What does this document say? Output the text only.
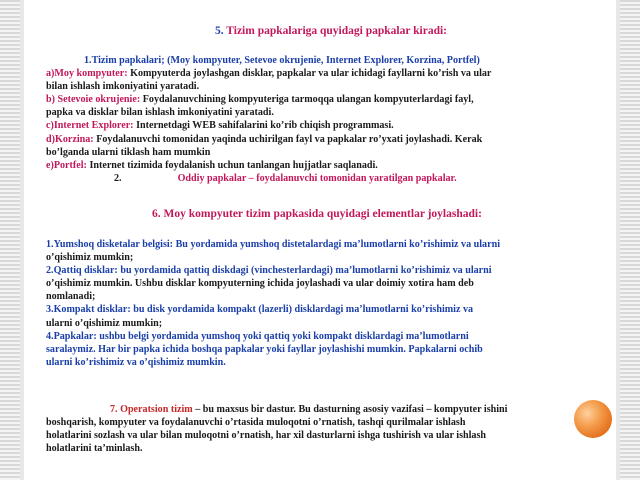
5. Tizim papkalariga quyidagi papkalar kiradi:
1.Tizim papkalari; (Moy kompyuter, Setevoe okrujenie, Internet Explorer, Korzina, Portfel)
a)Moy kompyuter: Kompyuterda joylashgan disklar, papkalar va ular ichidagi fayllarni ko’rish va ular
bilan ishlash imkoniyatini yaratadi.
b) Setevoie okrujenie: Foydalanuvchining kompyuteriga tarmoqqa ulangan kompyuterlardagi fayl,
papka va disklar bilan ishlash imkoniyatini yaratadi.
c)Internet Explorer: Internetdagi WEB sahifalarini ko’rib chiqish programmasi.
d)Korzina: Foydalanuvchi tomonidan yaqinda uchirilgan fayl va papkalar ro’yxati joylashadi. Kerak
bo’lganda ularni tiklash ham mumkin
e)Portfel: Internet tizimida foydalanish uchun tanlangan hujjatlar saqlanadi.
2.	Oddiy papkalar – foydalanuvchi tomonidan yaratilgan papkalar.
6. Moy kompyuter tizim papkasida quyidagi elementlar joylashadi:
1.Yumshoq disketalar belgisi: Bu yordamida yumshoq distetalardagi ma’lumotlarni ko’rishimiz va ularni
o’qishimiz mumkin;
2.Qattiq disklar: bu yordamida qattiq diskdagi (vinchesterlardagi) ma’lumotlarni ko’rishimiz va ularni
o’qishimiz mumkin. Ushbu disklar kompyuterning ichida joylashadi va ular doimiy xotira ham deb
nomlanadi;
3.Kompakt disklar: bu disk yordamida kompakt (lazerli) disklardagi ma’lumotlarni ko’rishimiz va
ularni o’qishimiz mumkin;
4.Papkalar: ushbu belgi yordamida yumshoq yoki qattiq yoki kompakt disklardagi ma’lumotlarni
saralaymiz. Har bir papka ichida boshqa papkalar yoki fayllar joylashishi mumkin. Papkalarni ochib
ularni ko’rishimiz va o’qishimiz mumkin.
7. Operatsion tizim – bu maxsus bir dastur. Bu dasturning asosiy vazifasi – kompyuter ishini
boshqarish, kompyuter va foydalanuvchi o’rtasida muloqotni o’rnatish, tashqi qurilmalar ishlash
holatlarini sozlash va ular bilan muloqotni o’rnatish, har xil dasturlarni ishga tushirish va ular ishlash
holatlarini ta’minlash.
